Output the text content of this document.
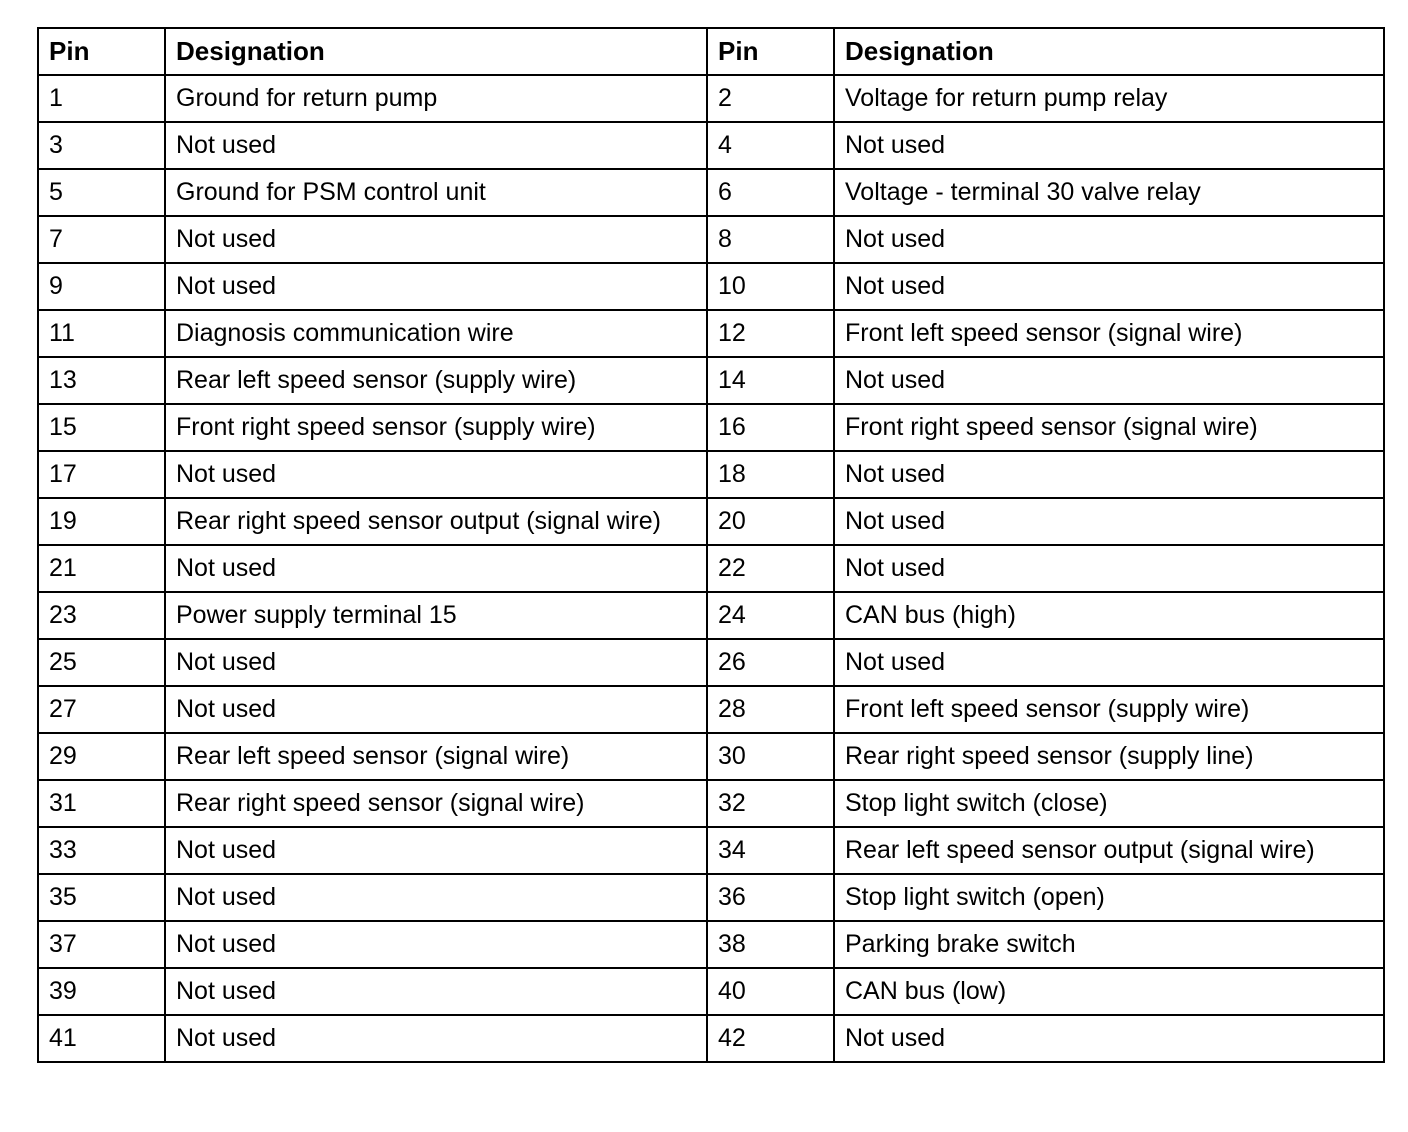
Pin	Designation	Pin	Designation
1	Ground for return pump	2	Voltage for return pump relay
3	Not used	4	Not used
5	Ground for PSM control unit	6	Voltage - terminal 30 valve relay
7	Not used	8	Not used
9	Not used	10	Not used
11	Diagnosis communication wire	12	Front left speed sensor (signal wire)
13	Rear left speed sensor (supply wire)	14	Not used
15	Front right speed sensor (supply wire)	16	Front right speed sensor (signal wire)
17	Not used	18	Not used
19	Rear right speed sensor output (signal wire)	20	Not used
21	Not used	22	Not used
23	Power supply terminal 15	24	CAN bus (high)
25	Not used	26	Not used
27	Not used	28	Front left speed sensor (supply wire)
29	Rear left speed sensor (signal wire)	30	Rear right speed sensor (supply line)
31	Rear right speed sensor (signal wire)	32	Stop light switch (close)
33	Not used	34	Rear left speed sensor output (signal wire)
35	Not used	36	Stop light switch (open)
37	Not used	38	Parking brake switch
39	Not used	40	CAN bus (low)
41	Not used	42	Not used
